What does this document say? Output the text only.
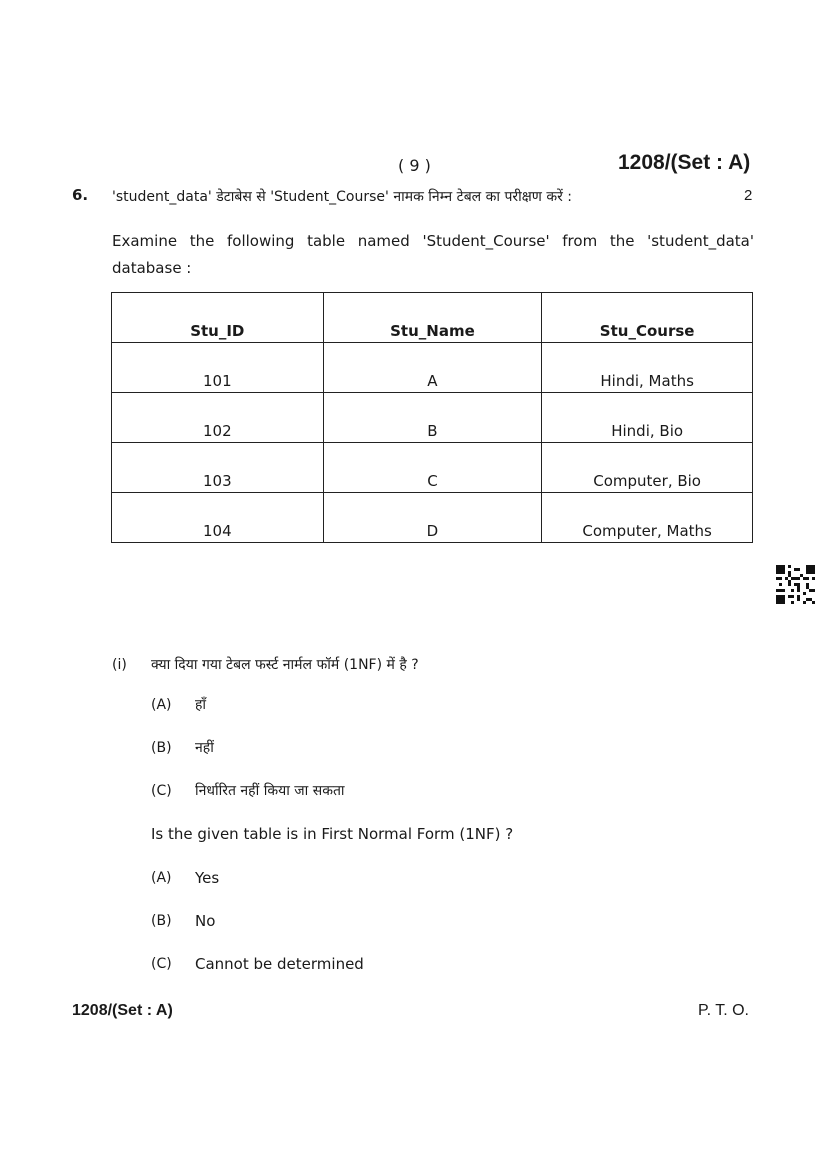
( 9 )	1208/(Set : A)
6. 'student_data' डेटाबेस से 'Student_Course' नामक निम्न टेबल का परीक्षण करें :	2
Examine the following table named 'Student_Course' from the 'student_data' database :
Stu_ID	Stu_Name	Stu_Course
101	A	Hindi, Maths
102	B	Hindi, Bio
103	C	Computer, Bio
104	D	Computer, Maths
(i) क्या दिया गया टेबल फर्स्ट नार्मल फॉर्म (1NF) में है ?
(A) हाँ
(B) नहीं
(C) निर्धारित नहीं किया जा सकता
Is the given table is in First Normal Form (1NF) ?
(A) Yes
(B) No
(C) Cannot be determined
1208/(Set : A)	P. T. O.
